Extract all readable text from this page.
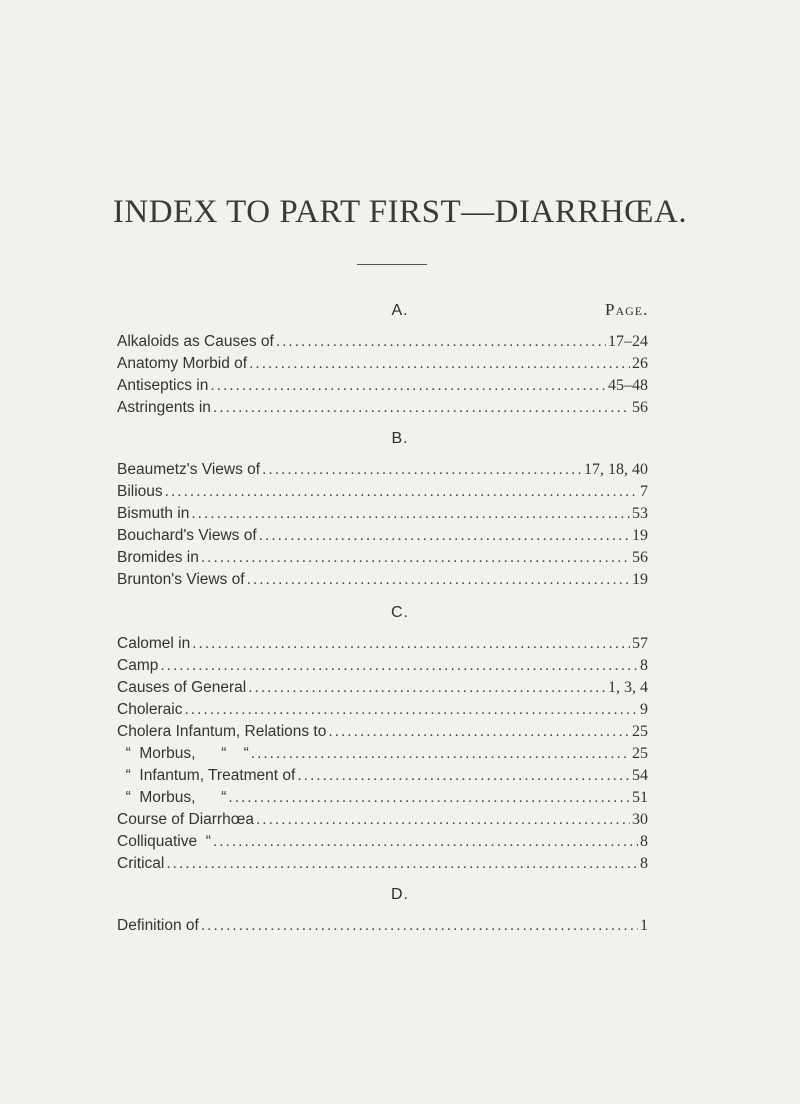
INDEX TO PART FIRST—DIARRHŒA.
A.	Page.
Alkaloids as Causes of .....	17–24
Anatomy Morbid of .....	26
Antiseptics in .....	45–48
Astringents in .....	56
B.
Beaumetz's Views of .....	17, 18, 40
Bilious .....	7
Bismuth in .....	53
Bouchard's Views of .....	19
Bromides in .....	56
Brunton's Views of .....	19
C.
Calomel in .....	57
Camp .....	8
Causes of General .....	1, 3, 4
Choleraic .....	9
Cholera Infantum, Relations to .....	25
“  Morbus,      “    “ .....	25
“  Infantum, Treatment of .....	54
“  Morbus,      “ .....	51
Course of Diarrhœa .....	30
Colliquative  “ .....	8
Critical .....	8
D.
Definition of .....	1
